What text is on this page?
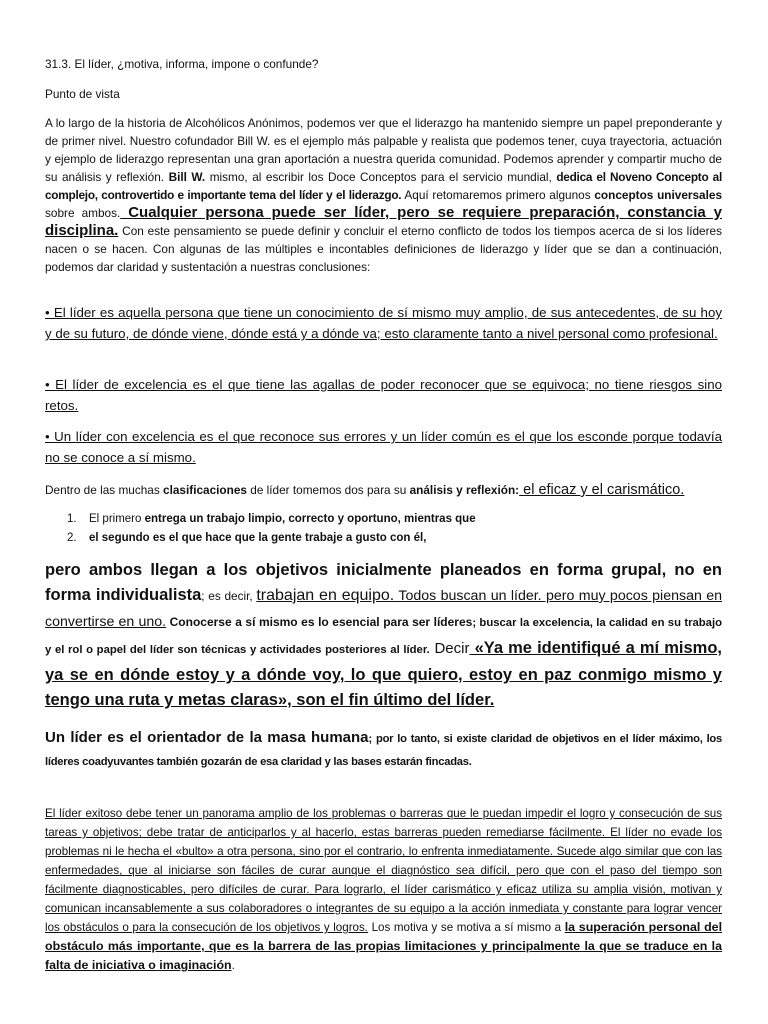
31.3. El líder, ¿motiva, informa, impone o confunde?

Punto de vista

A lo largo de la historia de Alcohólicos Anónimos, podemos ver que el liderazgo ha mantenido siempre un papel preponderante y de primer nivel. Nuestro cofundador Bill W. es el ejemplo más palpable y realista que podemos tener, cuya trayectoria, actuación y ejemplo de liderazgo representan una gran aportación a nuestra querida comunidad. Podemos aprender y compartir mucho de su análisis y reflexión. Bill W. mismo, al escribir los Doce Conceptos para el servicio mundial, dedica el Noveno Concepto al complejo, controvertido e importante tema del líder y el liderazgo. Aquí retomaremos primero algunos conceptos universales sobre ambos. Cualquier persona puede ser líder, pero se requiere preparación, constancia y disciplina. Con este pensamiento se puede definir y concluir el eterno conflicto de todos los tiempos acerca de si los líderes nacen o se hacen. Con algunas de las múltiples e incontables definiciones de liderazgo y líder que se dan a continuación, podemos dar claridad y sustentación a nuestras conclusiones:

• El líder es aquella persona que tiene un conocimiento de sí mismo muy amplio, de sus antecedentes, de su hoy y de su futuro, de dónde viene, dónde está y a dónde va; esto claramente tanto a nivel personal como profesional.

• El líder de excelencia es el que tiene las agallas de poder reconocer que se equivoca; no tiene riesgos sino retos.

• Un líder con excelencia es el que reconoce sus errores y un líder común es el que los esconde porque todavía no se conoce a sí mismo.

Dentro de las muchas clasificaciones de líder tomemos dos para su análisis y reflexión: el eficaz y el carismático.

1.	El primero entrega un trabajo limpio, correcto y oportuno, mientras que
2.	el segundo es el que hace que la gente trabaje a gusto con él,

pero ambos llegan a los objetivos inicialmente planeados en forma grupal, no en forma individualista; es decir, trabajan en equipo. Todos buscan un líder. pero muy pocos piensan en convertirse en uno. Conocerse a sí mismo es lo esencial para ser líderes; buscar la excelencia, la calidad en su trabajo y el rol o papel del líder son técnicas y actividades posteriores al líder. Decir «Ya me identifiqué a mí mismo, ya se en dónde estoy y a dónde voy, lo que quiero, estoy en paz conmigo mismo y tengo una ruta y metas claras», son el fin último del líder.

Un líder es el orientador de la masa humana; por lo tanto, si existe claridad de objetivos en el líder máximo, los líderes coadyuvantes también gozarán de esa claridad y las bases estarán fincadas.

El líder exitoso debe tener un panorama amplio de los problemas o barreras que le puedan impedir el logro y consecución de sus tareas y objetivos; debe tratar de anticiparlos y al hacerlo, estas barreras pueden remediarse fácilmente. El líder no evade los problemas ni le hecha el «bulto» a otra persona, sino por el contrario, lo enfrenta inmediatamente. Sucede algo similar que con las enfermedades, que al iniciarse son fáciles de curar aunque el diagnóstico sea difícil, pero que con el paso del tiempo son fácilmente diagnosticables, pero difíciles de curar. Para lograrlo, el líder carismático y eficaz utiliza su amplia visión, motivan y comunican incansablemente a sus colaboradores o integrantes de su equipo a la acción inmediata y constante para lograr vencer los obstáculos o para la consecución de los objetivos y logros. Los motiva y se motiva a sí mismo a la superación personal del obstáculo más importante, que es la barrera de las propias limitaciones y principalmente la que se traduce en la falta de iniciativa o imaginación.
